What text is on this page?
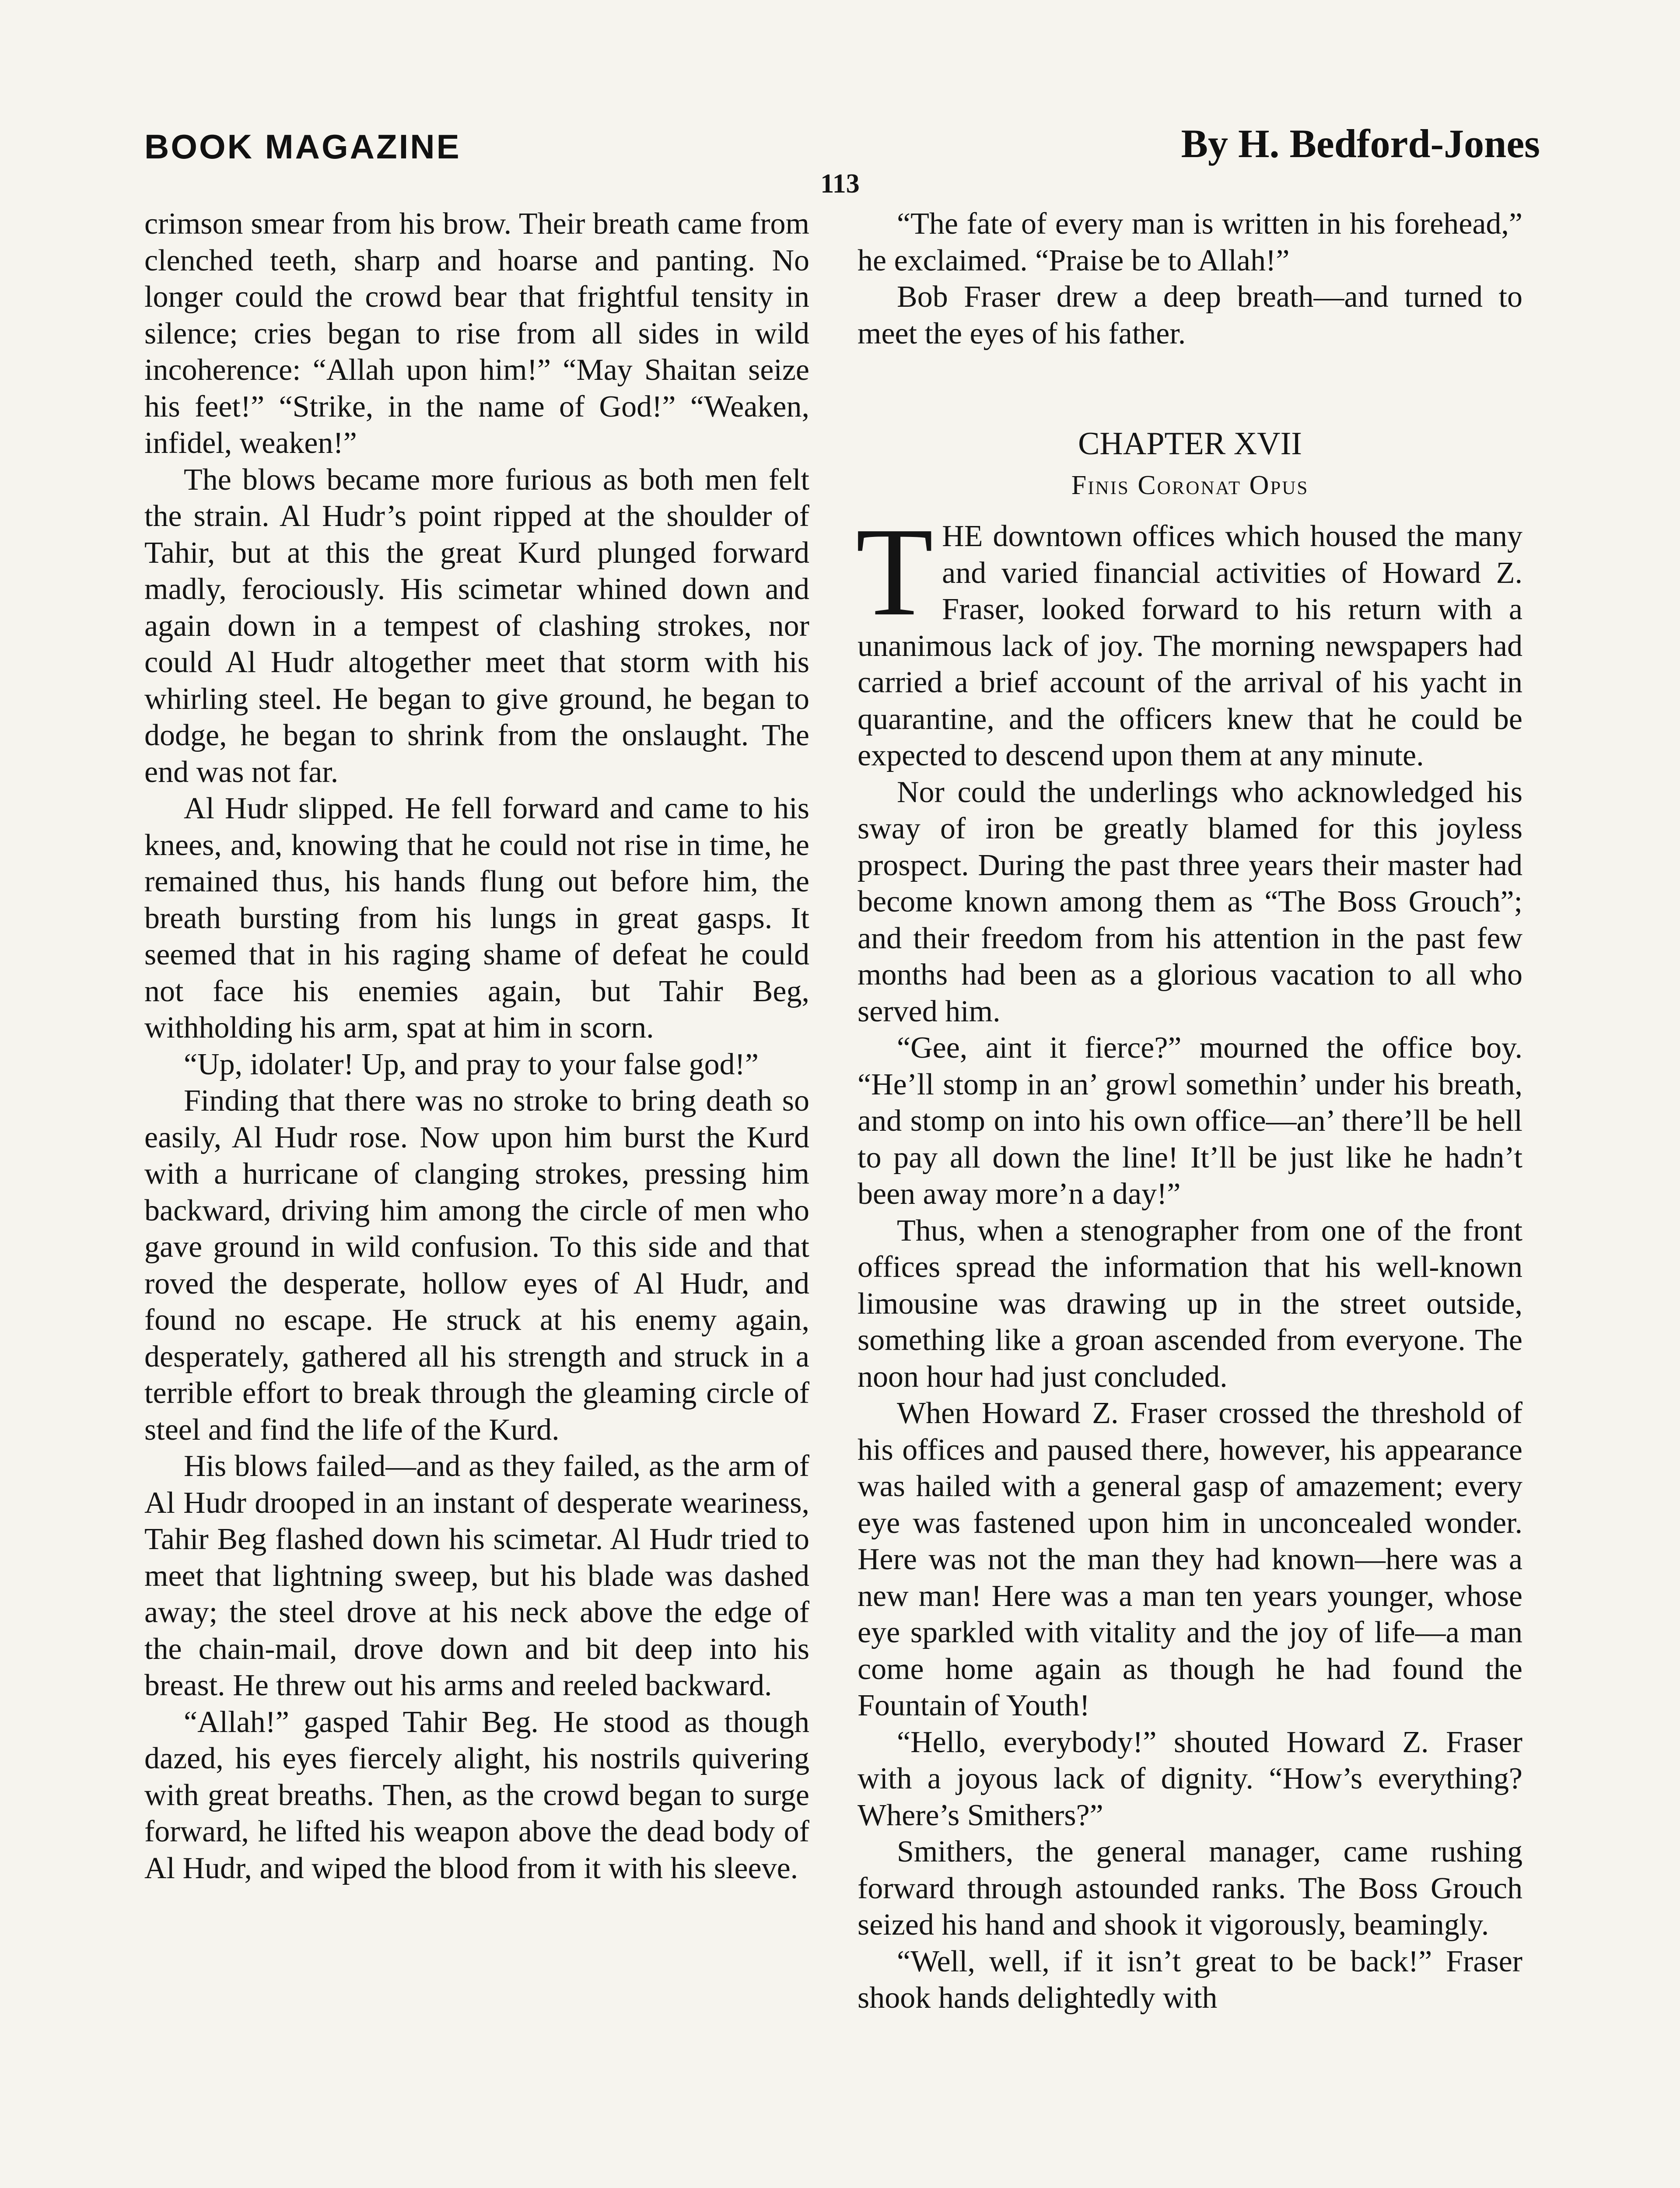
BOOK MAGAZINE	By H. Bedford-Jones
113

crimson smear from his brow. Their breath came from clenched teeth, sharp and hoarse and panting. No longer could the crowd bear that frightful tensity in silence; cries began to rise from all sides in wild incoherence: “Allah upon him!” “May Shaitan seize his feet!” “Strike, in the name of God!” “Weaken, infidel, weaken!”

The blows became more furious as both men felt the strain. Al Hudr’s point ripped at the shoulder of Tahir, but at this the great Kurd plunged forward madly, ferociously. His scimetar whined down and again down in a tempest of clashing strokes, nor could Al Hudr altogether meet that storm with his whirling steel. He began to give ground, he began to dodge, he began to shrink from the onslaught. The end was not far.

Al Hudr slipped. He fell forward and came to his knees, and, knowing that he could not rise in time, he remained thus, his hands flung out before him, the breath bursting from his lungs in great gasps. It seemed that in his raging shame of defeat he could not face his enemies again, but Tahir Beg, withholding his arm, spat at him in scorn.

“Up, idolater! Up, and pray to your false god!”

Finding that there was no stroke to bring death so easily, Al Hudr rose. Now upon him burst the Kurd with a hurricane of clanging strokes, pressing him backward, driving him among the circle of men who gave ground in wild confusion. To this side and that roved the desperate, hollow eyes of Al Hudr, and found no escape. He struck at his enemy again, desperately, gathered all his strength and struck in a terrible effort to break through the gleaming circle of steel and find the life of the Kurd.

His blows failed—and as they failed, as the arm of Al Hudr drooped in an instant of desperate weariness, Tahir Beg flashed down his scimetar. Al Hudr tried to meet that lightning sweep, but his blade was dashed away; the steel drove at his neck above the edge of the chain-mail, drove down and bit deep into his breast. He threw out his arms and reeled backward.

“Allah!” gasped Tahir Beg. He stood as though dazed, his eyes fiercely alight, his nostrils quivering with great breaths. Then, as the crowd began to surge forward, he lifted his weapon above the dead body of Al Hudr, and wiped the blood from it with his sleeve.

“The fate of every man is written in his forehead,” he exclaimed. “Praise be to Allah!”

Bob Fraser drew a deep breath—and turned to meet the eyes of his father.

CHAPTER XVII
Finis Coronat Opus

THE downtown offices which housed the many and varied financial activities of Howard Z. Fraser, looked forward to his return with a unanimous lack of joy. The morning newspapers had carried a brief account of the arrival of his yacht in quarantine, and the officers knew that he could be expected to descend upon them at any minute.

Nor could the underlings who acknowledged his sway of iron be greatly blamed for this joyless prospect. During the past three years their master had become known among them as “The Boss Grouch”; and their freedom from his attention in the past few months had been as a glorious vacation to all who served him.

“Gee, aint it fierce?” mourned the office boy. “He’ll stomp in an’ growl somethin’ under his breath, and stomp on into his own office—an’ there’ll be hell to pay all down the line! It’ll be just like he hadn’t been away more’n a day!”

Thus, when a stenographer from one of the front offices spread the information that his well-known limousine was drawing up in the street outside, something like a groan ascended from everyone. The noon hour had just concluded.

When Howard Z. Fraser crossed the threshold of his offices and paused there, however, his appearance was hailed with a general gasp of amazement; every eye was fastened upon him in unconcealed wonder. Here was not the man they had known—here was a new man! Here was a man ten years younger, whose eye sparkled with vitality and the joy of life—a man come home again as though he had found the Fountain of Youth!

“Hello, everybody!” shouted Howard Z. Fraser with a joyous lack of dignity. “How’s everything? Where’s Smithers?”

Smithers, the general manager, came rushing forward through astounded ranks. The Boss Grouch seized his hand and shook it vigorously, beamingly.

“Well, well, if it isn’t great to be back!” Fraser shook hands delightedly with
